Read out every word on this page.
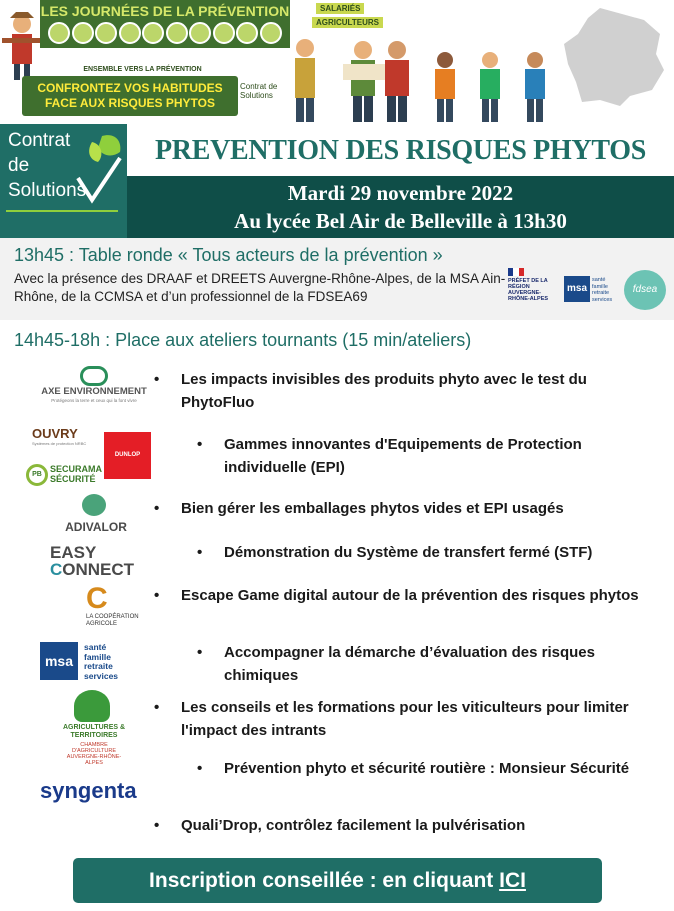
LES JOURNÉES DE LA PRÉVENTION	SALARIÉS
AGRICULTEURS
ENSEMBLE VERS LA PRÉVENTION
CONFRONTEZ VOS HABITUDES
FACE AUX RISQUES PHYTOS
Contrat de Solutions
Contrat
de
Solutions
PREVENTION DES RISQUES PHYTOS
Mardi 29 novembre 2022
Au lycée Bel Air de Belleville à 13h30
13h45 : Table ronde « Tous acteurs de la prévention »
Avec la présence des DRAAF et DREETS Auvergne-Rhône-Alpes, de la MSA Ain-Rhône, de la CCMSA et d’un professionnel de la FDSEA69
PRÉFET DE LA RÉGION AUVERGNE-RHÔNE-ALPES
msa
santé famille retraite services
fdsea
14h45-18h : Place aux ateliers tournants (15 min/ateliers)
AXE ENVIRONNEMENT
Protégeons la terre et ceux qui la font vivre
OUVRY
Systèmes de protection NRBC
DUNLOP
PB
SECURAMA SÉCURITÉ
ADIVALOR
EASY
CONNECT
C
LA COOPÉRATION AGRICOLE
msa
santé famille retraite services
AGRICULTURES & TERRITOIRES
CHAMBRE D'AGRICULTURE AUVERGNE-RHÔNE-ALPES
syngenta
• Les impacts invisibles des produits phyto avec le test du PhytoFluo
• Gammes innovantes d'Equipements de Protection individuelle (EPI)
• Bien gérer les emballages phytos vides et EPI usagés
• Démonstration du Système de transfert fermé (STF)
• Escape Game digital autour de la prévention des risques phytos
• Accompagner la démarche d’évaluation des risques chimiques
• Les conseils et les formations pour les viticulteurs pour limiter l'impact des intrants
• Prévention phyto et sécurité routière : Monsieur Sécurité
• Quali’Drop, contrôlez facilement la pulvérisation
Inscription conseillée : en cliquant ICI
